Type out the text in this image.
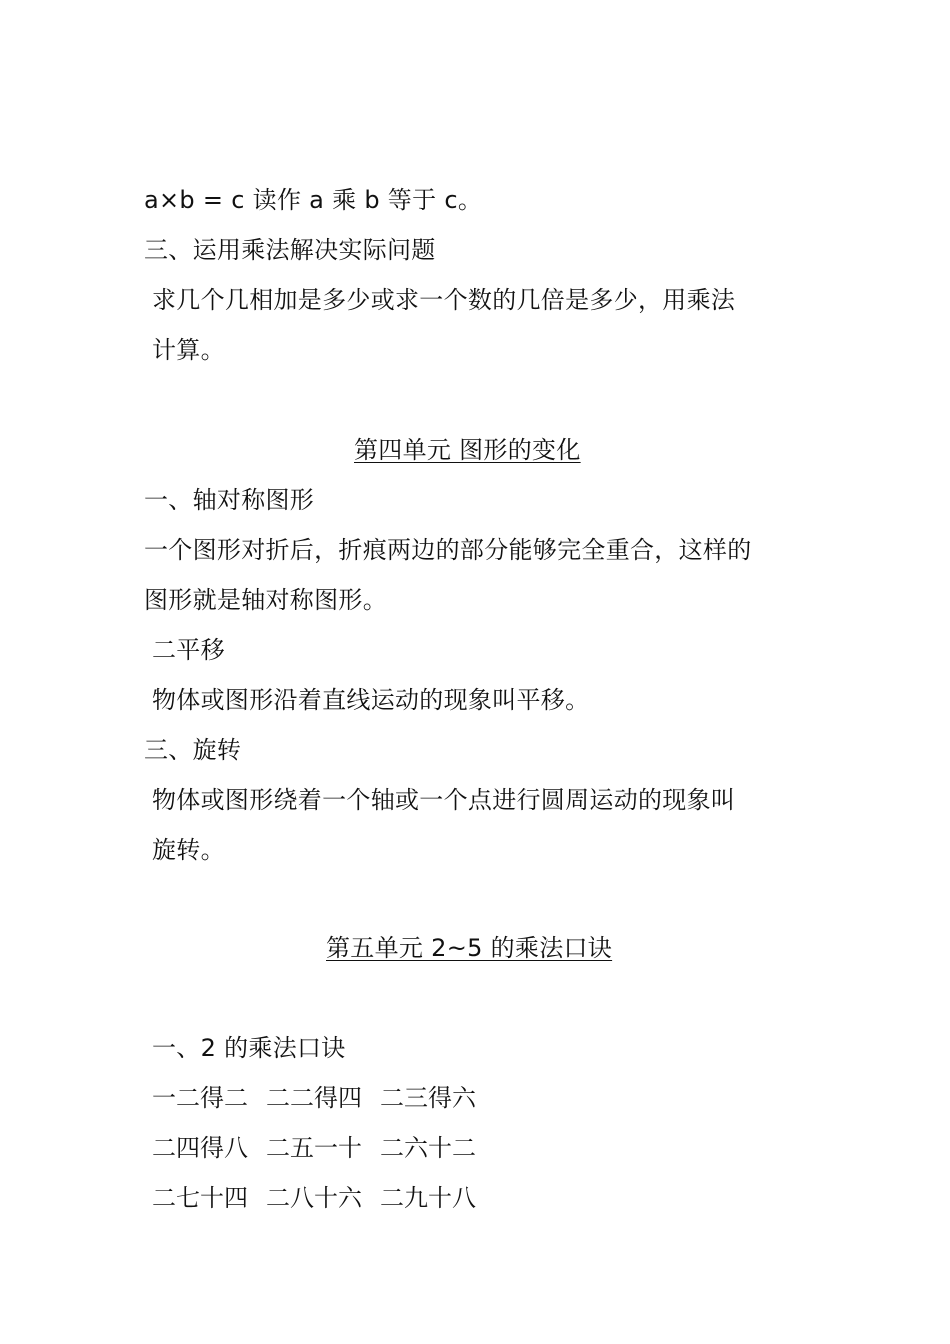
a×b = c 读作 a 乘 b 等于 c。
三、运用乘法解决实际问题
求几个几相加是多少或求一个数的几倍是多少，用乘法
计算。
第四单元 图形的变化
一、轴对称图形
一个图形对折后，折痕两边的部分能够完全重合，这样的
图形就是轴对称图形。
二平移
物体或图形沿着直线运动的现象叫平移。
三、旋转
物体或图形绕着一个轴或一个点进行圆周运动的现象叫
旋转。
第五单元 2~5 的乘法口诀
一、2 的乘法口诀
一二得二 二二得四 二三得六
二四得八 二五一十 二六十二
二七十四 二八十六 二九十八
